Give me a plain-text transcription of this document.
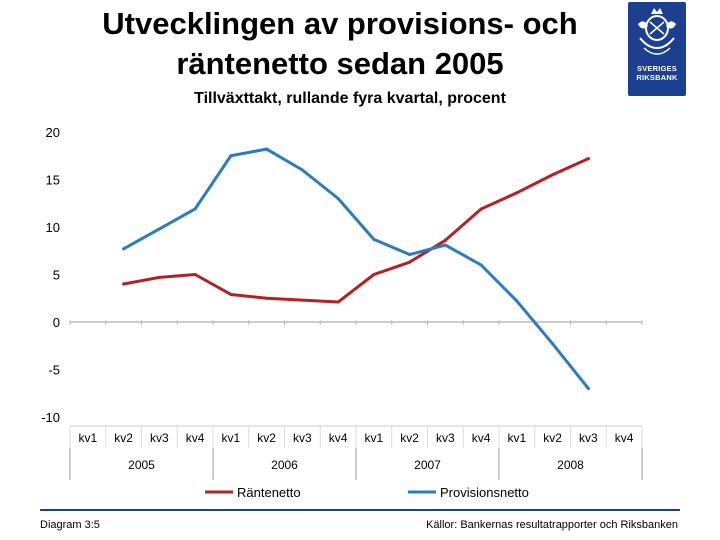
Utvecklingen av provisions- och
räntenetto sedan 2005
Tillväxttakt, rullande fyra kvartal, procent
SVERIGES
RIKSBANK
20
15
10
5
0
-5
-10
kv1 kv2 kv3 kv4 kv1 kv2 kv3 kv4 kv1 kv2 kv3 kv4 kv1 kv2 kv3 kv4
2005	2006	2007	2008
Räntenetto	Provisionsnetto
Diagram 3:5	Källor: Bankernas resultatrapporter och Riksbanken
